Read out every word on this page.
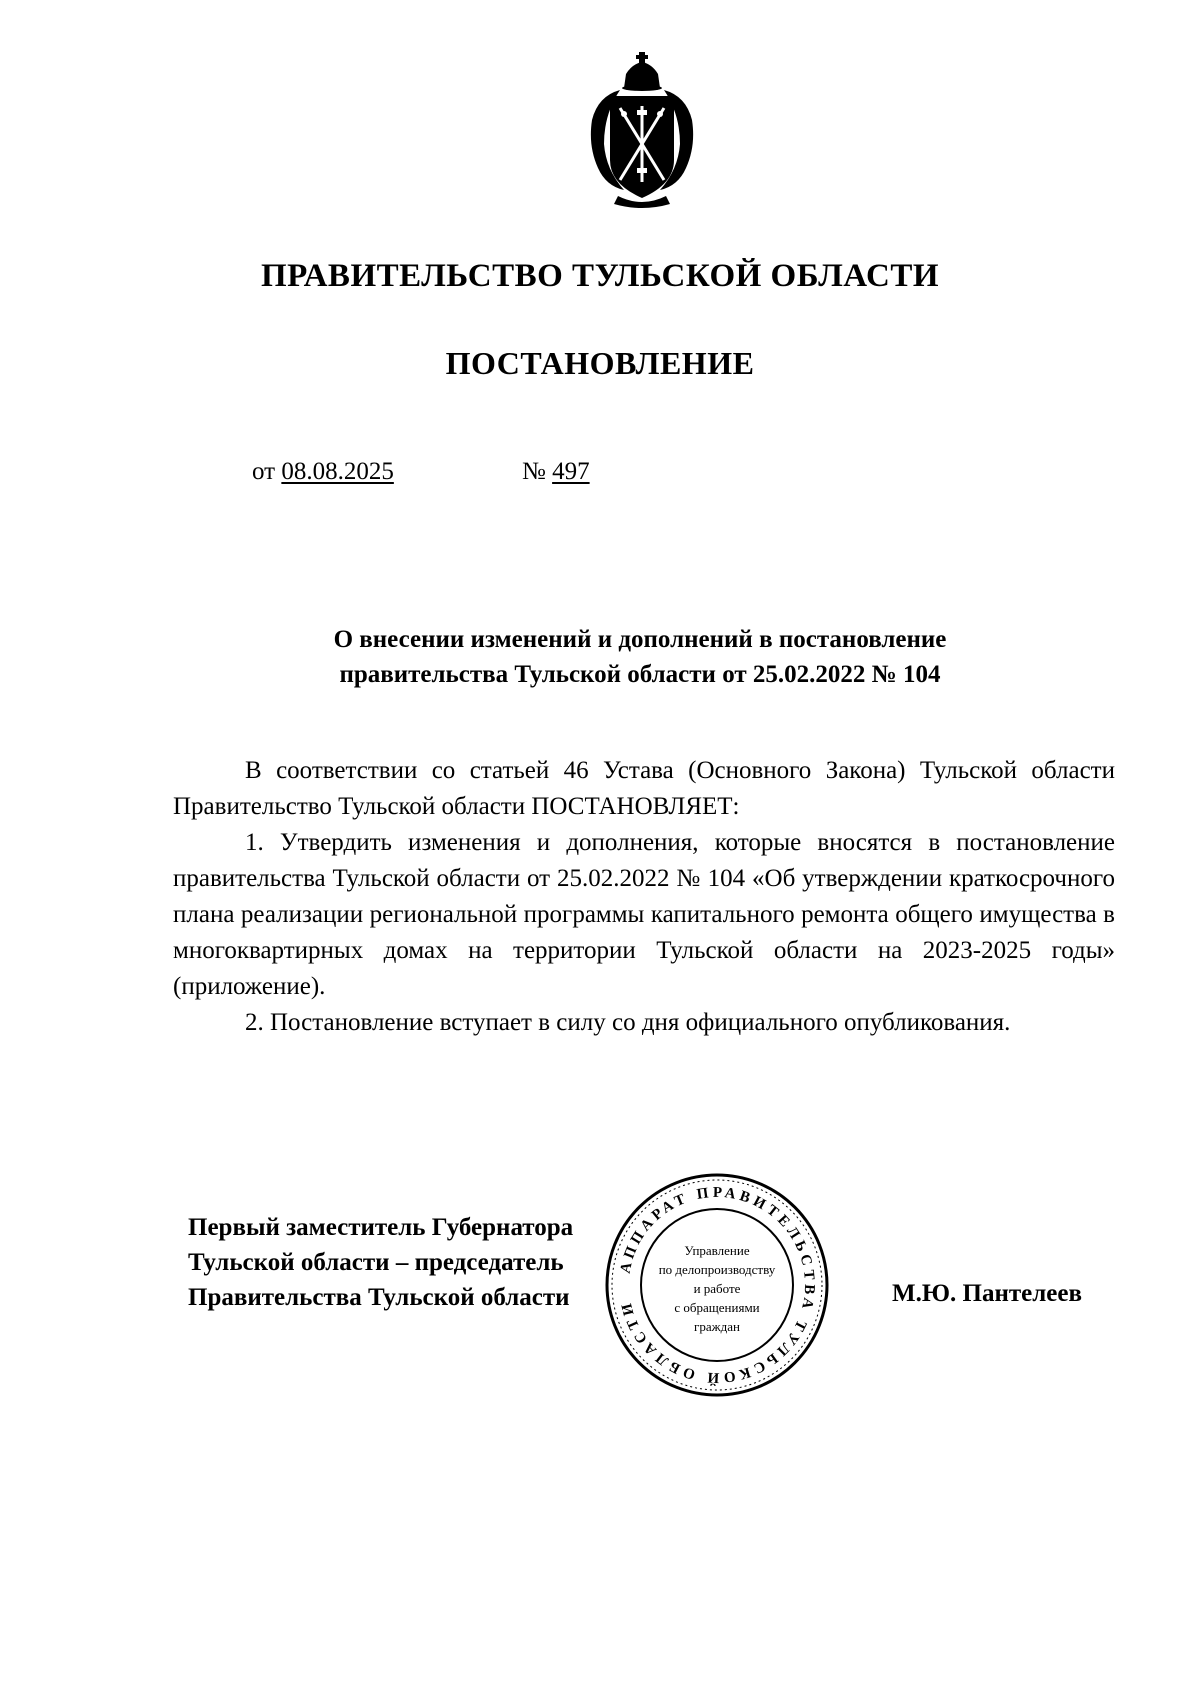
ПРАВИТЕЛЬСТВО ТУЛЬСКОЙ ОБЛАСТИ
ПОСТАНОВЛЕНИЕ
от 08.08.2025	№ 497
О внесении изменений и дополнений в постановление
правительства Тульской области от 25.02.2022 № 104

В соответствии со статьей 46 Устава (Основного Закона) Тульской области Правительство Тульской области ПОСТАНОВЛЯЕТ:

1. Утвердить изменения и дополнения, которые вносятся в постановление правительства Тульской области от 25.02.2022 № 104 «Об утверждении краткосрочного плана реализации региональной программы капитального ремонта общего имущества в многоквартирных домах на территории Тульской области на 2023-2025 годы» (приложение).

2. Постановление вступает в силу со дня официального опубликования.

Первый заместитель Губернатора
Тульской области – председатель
Правительства Тульской области	М.Ю. Пантелеев
АППАРАТ ПРАВИТЕЛЬСТВА ТУЛЬСКОЙ ОБЛАСТИ
Управление
по делопроизводству
и работе
с обращениями
граждан
